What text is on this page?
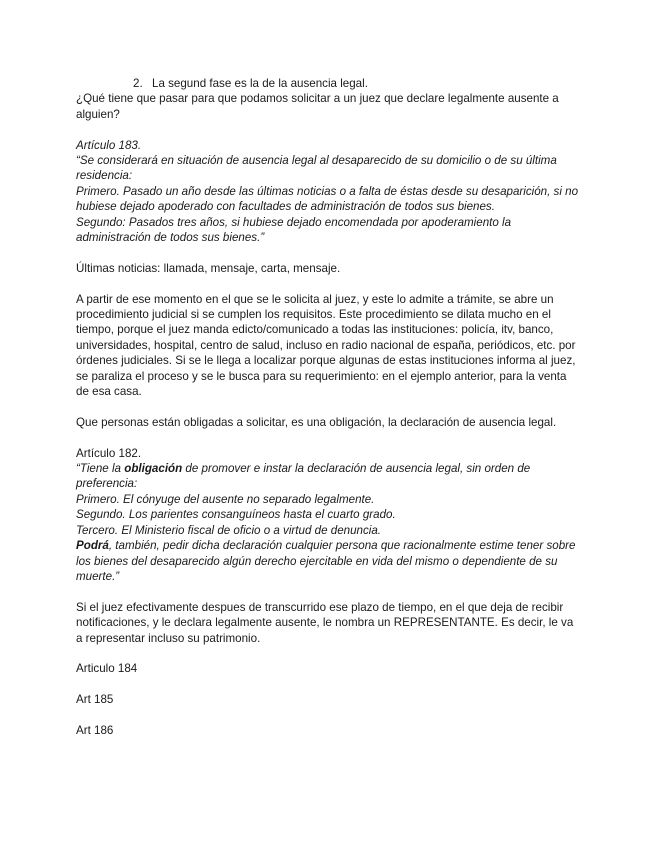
2. La segund fase es la de la ausencia legal.

¿Qué tiene que pasar para que podamos solicitar a un juez que declare legalmente ausente a alguien?

Artículo 183.

“Se considerará en situación de ausencia legal al desaparecido de su domicilio o de su última residencia:

Primero. Pasado un año desde las últimas noticias o a falta de éstas desde su desaparición, si no hubiese dejado apoderado con facultades de administración de todos sus bienes.

Segundo: Pasados tres años, si hubiese dejado encomendada por apoderamiento la administración de todos sus bienes.”

Últimas noticias: llamada, mensaje, carta, mensaje.

A partir de ese momento en el que se le solicita al juez, y este lo admite a trámite, se abre un procedimiento judicial si se cumplen los requisitos. Este procedimiento se dilata mucho en el tiempo, porque el juez manda edicto/comunicado a todas las instituciones: policía, itv, banco, universidades, hospital, centro de salud, incluso en radio nacional de españa, periódicos, etc. por órdenes judiciales. Si se le llega a localizar porque algunas de estas instituciones informa al juez, se paraliza el proceso y se le busca para su requerimiento: en el ejemplo anterior, para la venta de esa casa.

Que personas están obligadas a solicitar, es una obligación, la declaración de ausencia legal.

Artículo 182.

“Tiene la obligación de promover e instar la declaración de ausencia legal, sin orden de preferencia:

Primero. El cónyuge del ausente no separado legalmente.

Segundo. Los parientes consanguíneos hasta el cuarto grado.

Tercero. El Ministerio fiscal de oficio o a virtud de denuncia.

Podrá, también, pedir dicha declaración cualquier persona que racionalmente estime tener sobre los bienes del desaparecido algún derecho ejercitable en vida del mismo o dependiente de su muerte.”

Si el juez efectivamente despues de transcurrido ese plazo de tiempo, en el que deja de recibir notificaciones, y le declara legalmente ausente, le nombra un REPRESENTANTE. Es decir, le va a representar incluso su patrimonio.

Articulo 184

Art 185

Art 186
